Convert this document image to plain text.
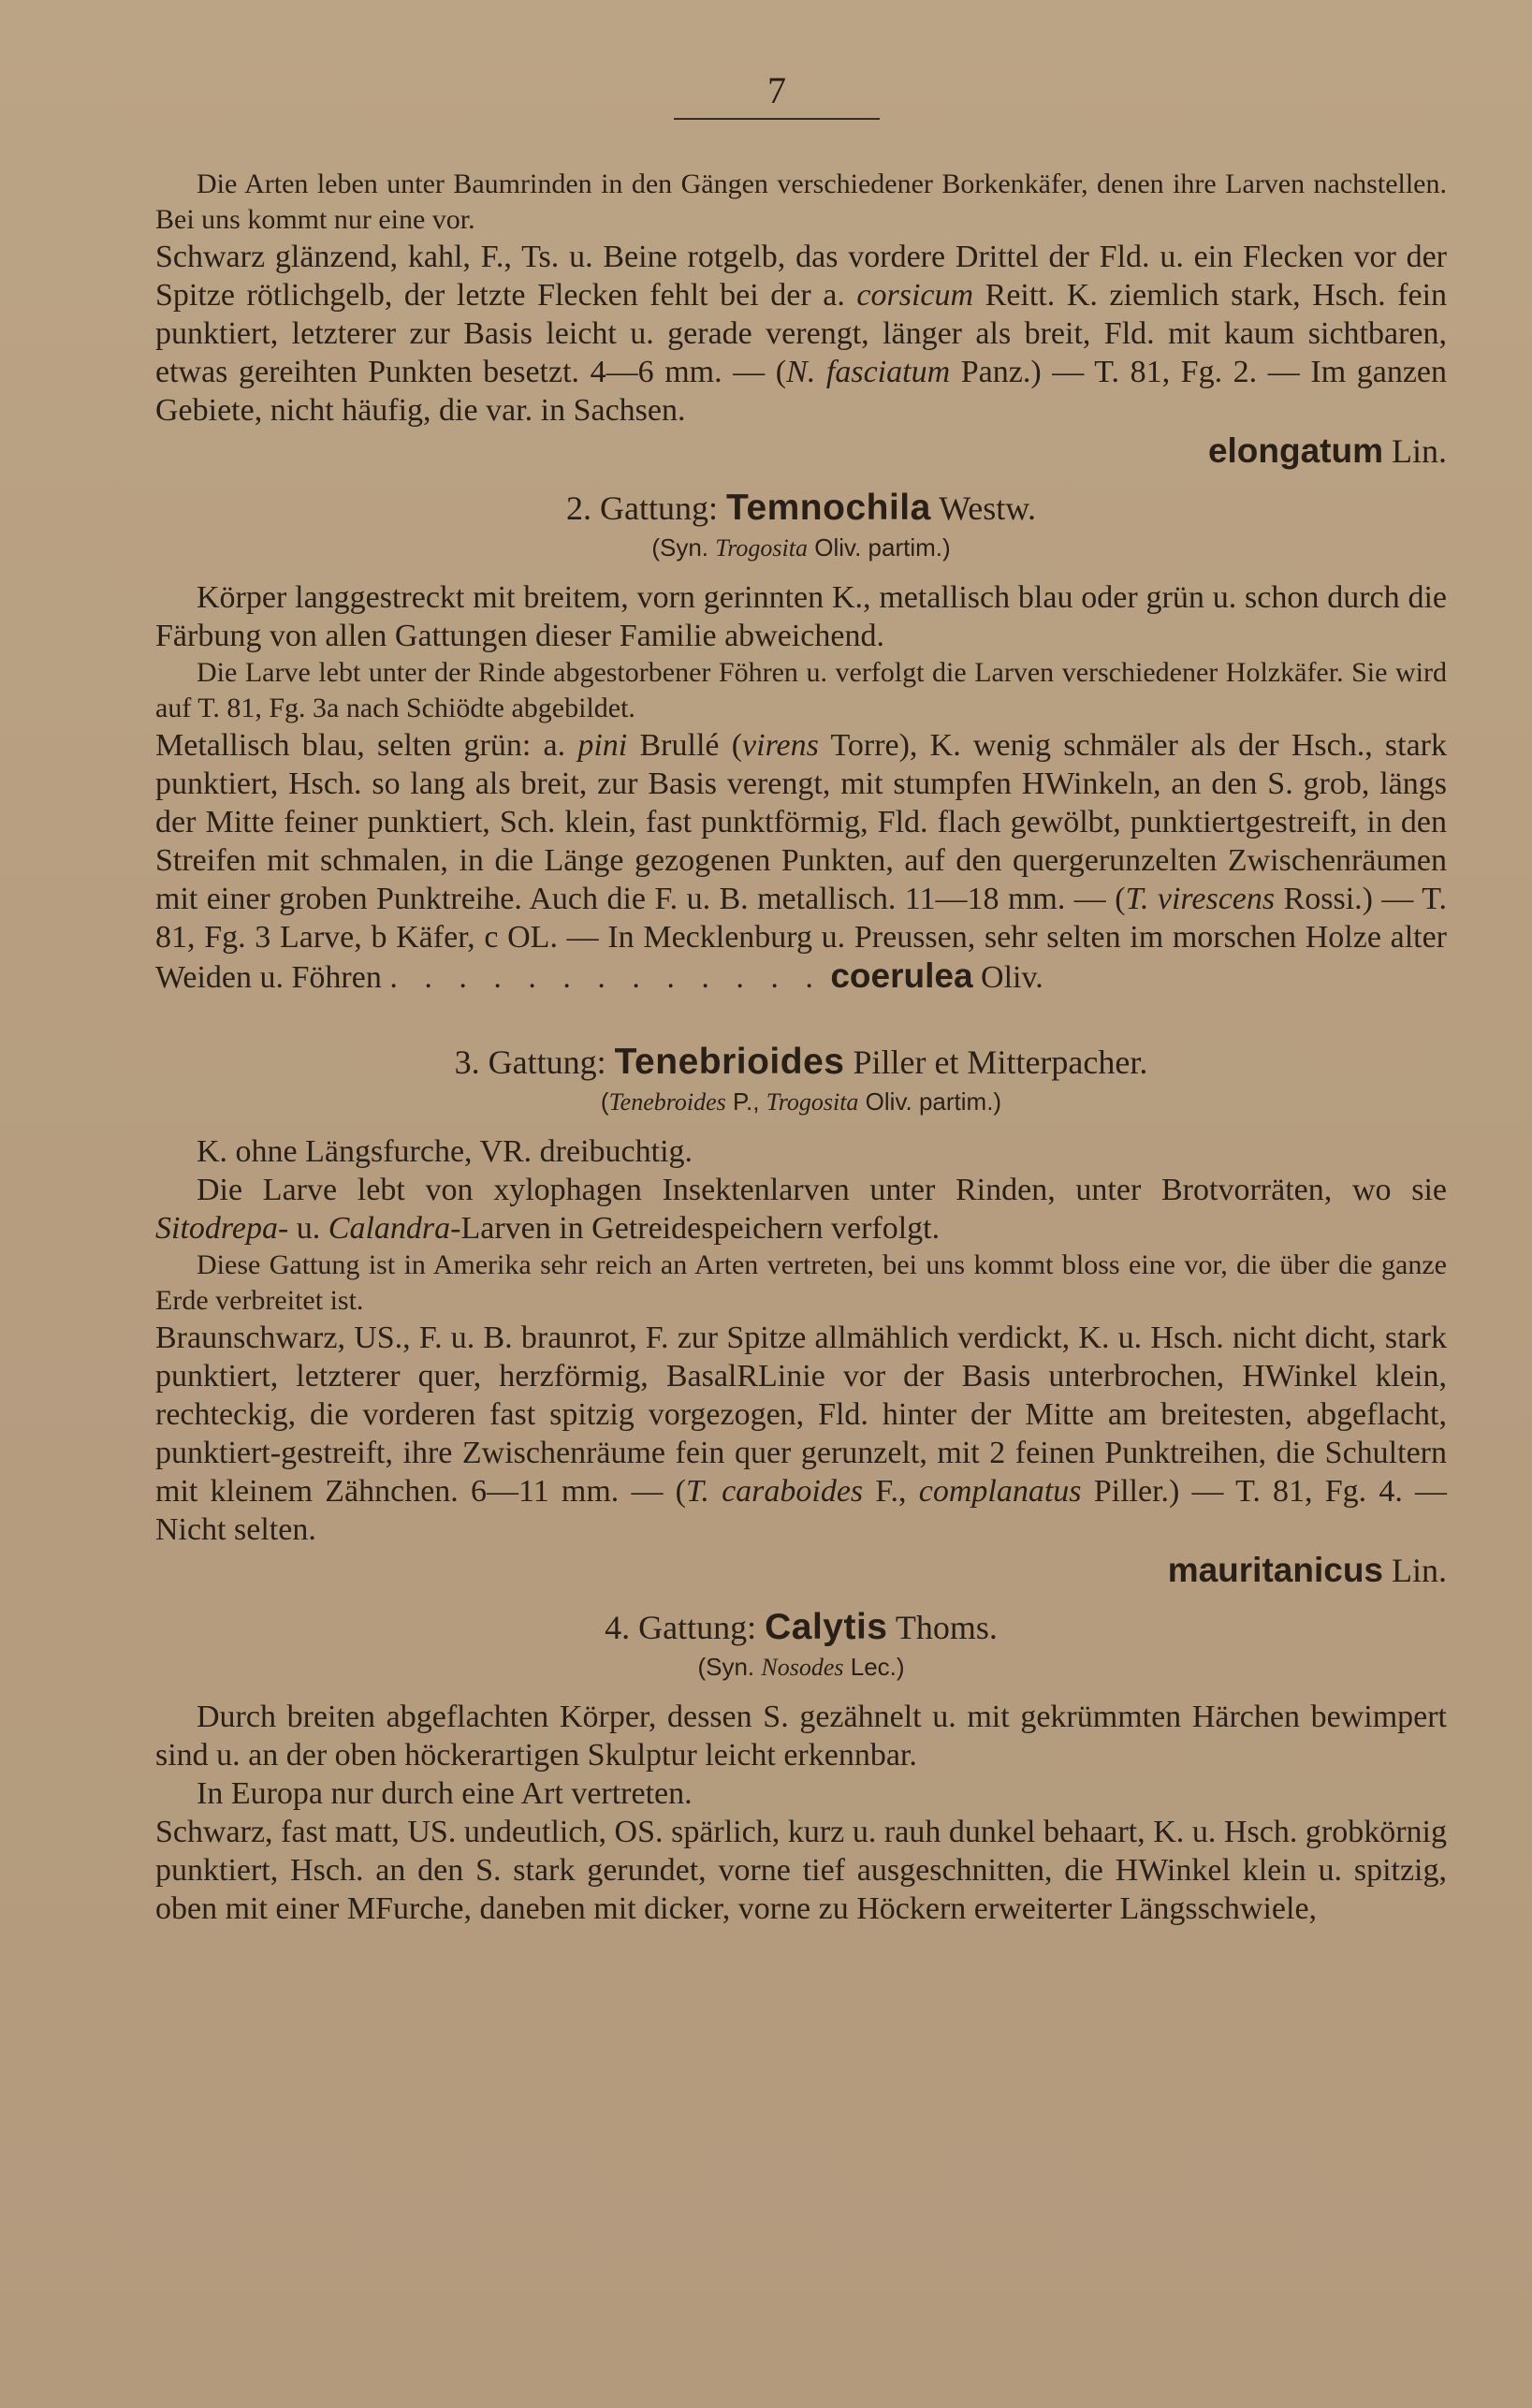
7

Die Arten leben unter Baumrinden in den Gängen verschiedener Borkenkäfer, denen ihre Larven nachstellen. Bei uns kommt nur eine vor.

Schwarz glänzend, kahl, F., Ts. u. Beine rotgelb, das vordere Drittel der Fld. u. ein Flecken vor der Spitze rötlichgelb, der letzte Flecken fehlt bei der a. corsicum Reitt. K. ziemlich stark, Hsch. fein punktiert, letzterer zur Basis leicht u. gerade verengt, länger als breit, Fld. mit kaum sichtbaren, etwas gereihten Punkten besetzt. 4—6 mm. — (N. fasciatum Panz.) — T. 81, Fg. 2. — Im ganzen Gebiete, nicht häufig, die var. in Sachsen.

elongatum Lin.

2. Gattung: Temnochila Westw.

(Syn. Trogosita Oliv. partim.)

Körper langgestreckt mit breitem, vorn gerinnten K., metallisch blau oder grün u. schon durch die Färbung von allen Gattungen dieser Familie abweichend.

Die Larve lebt unter der Rinde abgestorbener Föhren u. verfolgt die Larven verschiedener Holzkäfer. Sie wird auf T. 81, Fg. 3a nach Schiödte abgebildet.

Metallisch blau, selten grün: a. pini Brullé (virens Torre), K. wenig schmäler als der Hsch., stark punktiert, Hsch. so lang als breit, zur Basis verengt, mit stumpfen HWinkeln, an den S. grob, längs der Mitte feiner punktiert, Sch. klein, fast punktförmig, Fld. flach gewölbt, punktiertgestreift, in den Streifen mit schmalen, in die Länge gezogenen Punkten, auf den quergerunzelten Zwischenräumen mit einer groben Punktreihe. Auch die F. u. B. metallisch. 11—18 mm. — (T. virescens Rossi.) — T. 81, Fg. 3 Larve, b Käfer, c OL. — In Mecklenburg u. Preussen, sehr selten im morschen Holze alter Weiden u. Föhren . . . . . . . . . . . . . coerulea Oliv.

3. Gattung: Tenebrioides Piller et Mitterpacher.

(Tenebroides P., Trogosita Oliv. partim.)

K. ohne Längsfurche, VR. dreibuchtig.

Die Larve lebt von xylophagen Insektenlarven unter Rinden, unter Brotvorräten, wo sie Sitodrepa- u. Calandra-Larven in Getreidespeichern verfolgt.

Diese Gattung ist in Amerika sehr reich an Arten vertreten, bei uns kommt bloss eine vor, die über die ganze Erde verbreitet ist.

Braunschwarz, US., F. u. B. braunrot, F. zur Spitze allmählich verdickt, K. u. Hsch. nicht dicht, stark punktiert, letzterer quer, herzförmig, BasalRLinie vor der Basis unterbrochen, HWinkel klein, rechteckig, die vorderen fast spitzig vorgezogen, Fld. hinter der Mitte am breitesten, abgeflacht, punktiert-gestreift, ihre Zwischenräume fein quer gerunzelt, mit 2 feinen Punktreihen, die Schultern mit kleinem Zähnchen. 6—11 mm. — (T. caraboides F., complanatus Piller.) — T. 81, Fg. 4. — Nicht selten.

mauritanicus Lin.

4. Gattung: Calytis Thoms.

(Syn. Nosodes Lec.)

Durch breiten abgeflachten Körper, dessen S. gezähnelt u. mit gekrümmten Härchen bewimpert sind u. an der oben höckerartigen Skulptur leicht erkennbar.

In Europa nur durch eine Art vertreten.

Schwarz, fast matt, US. undeutlich, OS. spärlich, kurz u. rauh dunkel behaart, K. u. Hsch. grobkörnig punktiert, Hsch. an den S. stark gerundet, vorne tief ausgeschnitten, die HWinkel klein u. spitzig, oben mit einer MFurche, daneben mit dicker, vorne zu Höckern erweiterter Längsschwiele,
